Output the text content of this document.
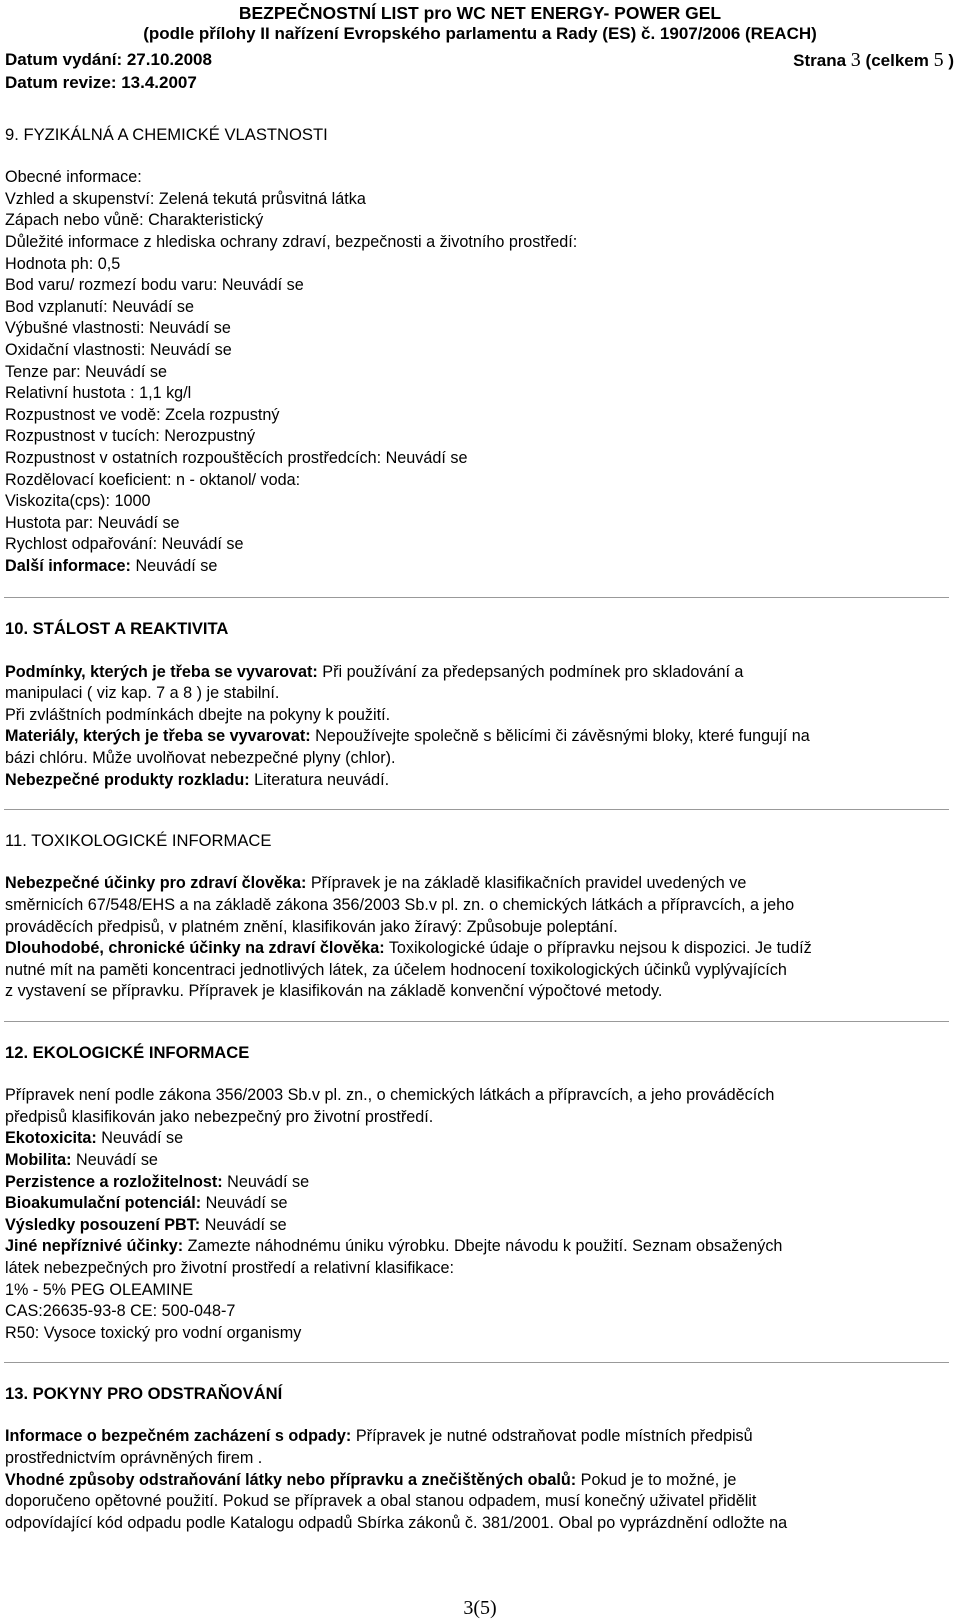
BEZPEČNOSTNÍ LIST pro WC NET ENERGY- POWER GEL
(podle přílohy II nařízení Evropského parlamentu a Rady (ES) č. 1907/2006 (REACH)
Datum vydání: 27.10.2008	Strana 3 (celkem 5 )
Datum revize: 13.4.2007
9. FYZIKÁLNÁ A CHEMICKÉ VLASTNOSTI
Obecné informace:
Vzhled a skupenství: Zelená tekutá průsvitná látka
Zápach nebo vůně: Charakteristický
Důležité informace z hlediska ochrany zdraví, bezpečnosti a životního prostředí:
Hodnota ph: 0,5
Bod varu/ rozmezí bodu varu: Neuvádí se
Bod vzplanutí: Neuvádí se
Výbušné vlastnosti: Neuvádí se
Oxidační vlastnosti: Neuvádí se
Tenze par: Neuvádí se
Relativní hustota : 1,1 kg/l
Rozpustnost ve vodě: Zcela rozpustný
Rozpustnost v tucích: Nerozpustný
Rozpustnost v ostatních rozpouštěcích prostředcích: Neuvádí se
Rozdělovací koeficient: n - oktanol/ voda:
Viskozita(cps): 1000
Hustota par: Neuvádí se
Rychlost odpařování: Neuvádí se
Další informace: Neuvádí se
10. STÁLOST A REAKTIVITA
Podmínky, kterých je třeba se vyvarovat: Při používání za předepsaných podmínek pro skladování a
manipulaci ( viz kap. 7 a 8 ) je stabilní.
Při zvláštních podmínkách dbejte na pokyny k použití.
Materiály, kterých je třeba se vyvarovat: Nepoužívejte společně s bělicími či závěsnými bloky, které fungují na
bázi chlóru. Může uvolňovat nebezpečné plyny (chlor).
Nebezpečné produkty rozkladu: Literatura neuvádí.
11. TOXIKOLOGICKÉ INFORMACE
Nebezpečné účinky pro zdraví člověka: Přípravek je na základě klasifikačních pravidel uvedených ve
směrnicích 67/548/EHS a na základě zákona 356/2003 Sb.v pl. zn. o chemických látkách a přípravcích, a jeho
prováděcích předpisů, v platném znění, klasifikován jako žíravý: Způsobuje poleptání.
Dlouhodobé, chronické účinky na zdraví člověka: Toxikologické údaje o přípravku nejsou k dispozici. Je tudíž
nutné mít na paměti koncentraci jednotlivých látek, za účelem hodnocení toxikologických účinků vyplývajících
z vystavení se přípravku. Přípravek je klasifikován na základě konvenční výpočtové metody.
12. EKOLOGICKÉ INFORMACE
Přípravek není podle zákona 356/2003 Sb.v pl. zn., o chemických látkách a přípravcích, a jeho prováděcích
předpisů klasifikován jako nebezpečný pro životní prostředí.
Ekotoxicita: Neuvádí se
Mobilita: Neuvádí se
Perzistence a rozložitelnost: Neuvádí se
Bioakumulační potenciál: Neuvádí se
Výsledky posouzení PBT: Neuvádí se
Jiné nepříznivé účinky: Zamezte náhodnému úniku výrobku. Dbejte návodu k použití. Seznam obsažených
látek nebezpečných pro životní prostředí a relativní klasifikace:
1% - 5% PEG OLEAMINE
CAS:26635-93-8 CE: 500-048-7
R50: Vysoce toxický pro vodní organismy
13. POKYNY PRO ODSTRAŇOVÁNÍ
Informace o bezpečném zacházení s odpady: Přípravek je nutné odstraňovat podle místních předpisů
prostřednictvím oprávněných firem .
Vhodné způsoby odstraňování látky nebo přípravku a znečištěných obalů: Pokud je to možné, je
doporučeno opětovné použití. Pokud se přípravek a obal stanou odpadem, musí konečný uživatel přidělit
odpovídající kód odpadu podle Katalogu odpadů Sbírka zákonů č. 381/2001. Obal po vyprázdnění odložte na
3(5)
